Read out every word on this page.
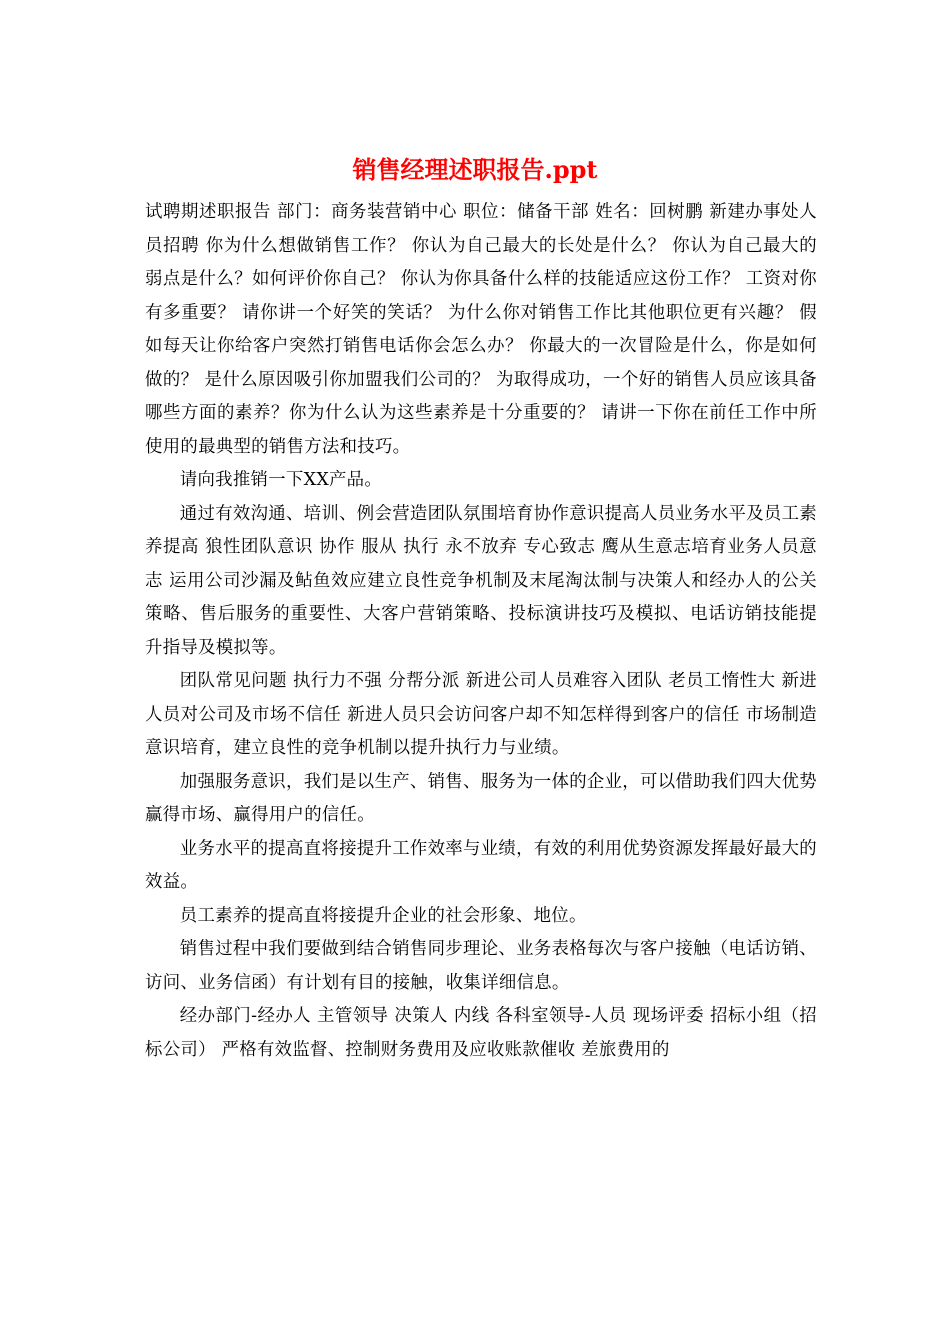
销售经理述职报告.ppt

试聘期述职报告 部门：商务装营销中心 职位：储备干部 姓名：回树鹏 新建办事处人员招聘 你为什么想做销售工作？ 你认为自己最大的长处是什么？ 你认为自己最大的弱点是什么？如何评价你自己？ 你认为你具备什么样的技能适应这份工作？ 工资对你有多重要？ 请你讲一个好笑的笑话？ 为什么你对销售工作比其他职位更有兴趣？ 假如每天让你给客户突然打销售电话你会怎么办？ 你最大的一次冒险是什么，你是如何做的？ 是什么原因吸引你加盟我们公司的？ 为取得成功，一个好的销售人员应该具备哪些方面的素养？你为什么认为这些素养是十分重要的？ 请讲一下你在前任工作中所使用的最典型的销售方法和技巧。

请向我推销一下XX产品。

通过有效沟通、培训、例会营造团队氛围培育协作意识提高人员业务水平及员工素养提高 狼性团队意识 协作 服从 执行 永不放弃 专心致志 鹰从生意志培育业务人员意志 运用公司沙漏及鲇鱼效应建立良性竞争机制及末尾淘汰制与决策人和经办人的公关策略、售后服务的重要性、大客户营销策略、投标演讲技巧及模拟、电话访销技能提升指导及模拟等。

团队常见问题 执行力不强 分帮分派 新进公司人员难容入团队 老员工惰性大 新进人员对公司及市场不信任 新进人员只会访问客户却不知怎样得到客户的信任 市场制造意识培育，建立良性的竞争机制以提升执行力与业绩。

加强服务意识，我们是以生产、销售、服务为一体的企业，可以借助我们四大优势赢得市场、赢得用户的信任。

业务水平的提高直将接提升工作效率与业绩，有效的利用优势资源发挥最好最大的效益。

员工素养的提高直将接提升企业的社会形象、地位。

销售过程中我们要做到结合销售同步理论、业务表格每次与客户接触（电话访销、访问、业务信函）有计划有目的接触，收集详细信息。

经办部门-经办人 主管领导 决策人 内线 各科室领导-人员 现场评委 招标小组（招标公司） 严格有效监督、控制财务费用及应收账款催收 差旅费用的
